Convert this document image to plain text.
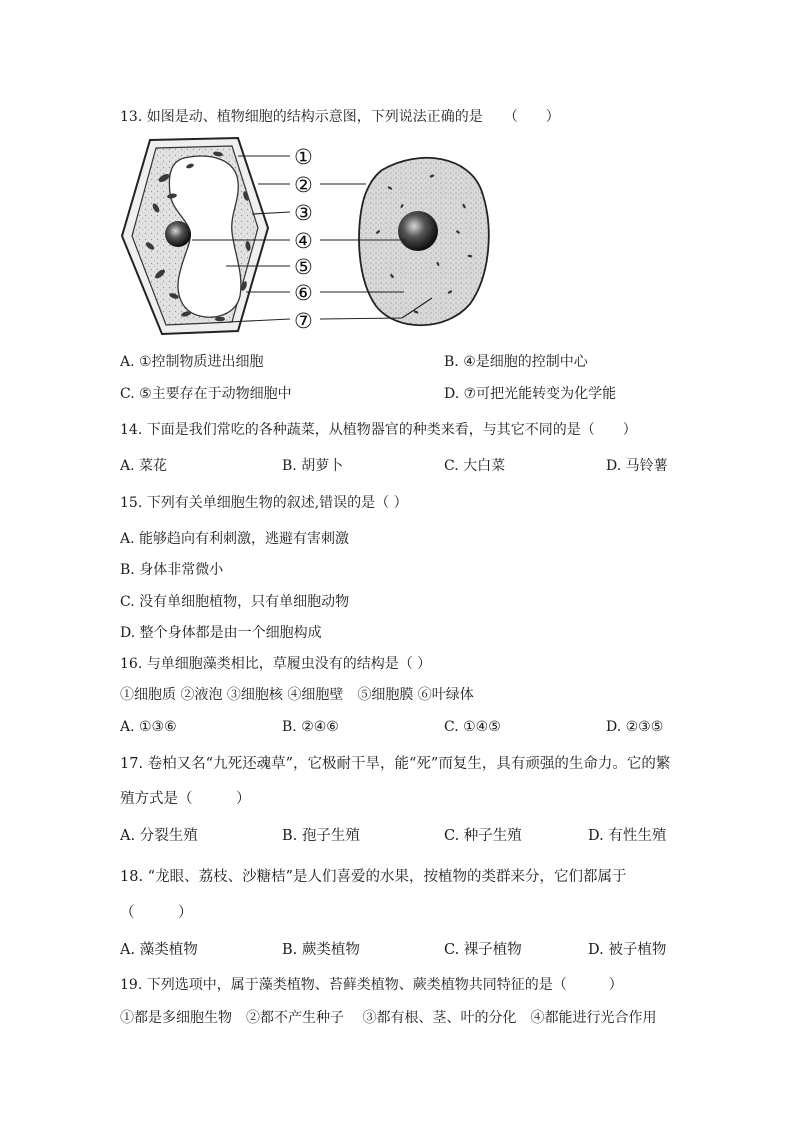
13. 如图是动、植物细胞的结构示意图，下列说法正确的是　　（　　）
①
②
③
④
⑤
⑥
⑦
A. ①控制物质进出细胞	B. ④是细胞的控制中心
C. ⑤主要存在于动物细胞中	D. ⑦可把光能转变为化学能
14. 下面是我们常吃的各种蔬菜，从植物器官的种类来看，与其它不同的是（　　）
A. 菜花	B. 胡萝卜	C. 大白菜	D. 马铃薯
15. 下列有关单细胞生物的叙述,错误的是（ ）
A. 能够趋向有利刺激，逃避有害刺激
B. 身体非常微小
C. 没有单细胞植物，只有单细胞动物
D. 整个身体都是由一个细胞构成
16. 与单细胞藻类相比，草履虫没有的结构是（ ）
①细胞质 ②液泡 ③细胞核 ④细胞壁　⑤细胞膜 ⑥叶绿体
A. ①③⑥	B. ②④⑥	C. ①④⑤	D. ②③⑤
17. 卷柏又名“九死还魂草”，它极耐干旱，能“死”而复生，具有顽强的生命力。它的繁
殖方式是（　　　）
A. 分裂生殖	B. 孢子生殖	C. 种子生殖	D. 有性生殖
18. “龙眼、荔枝、沙糖桔”是人们喜爱的水果，按植物的类群来分，它们都属于
（　　　）
A. 藻类植物	B. 蕨类植物	C. 裸子植物	D. 被子植物
19. 下列选项中，属于藻类植物、苔藓类植物、蕨类植物共同特征的是（　　　）
①都是多细胞生物　②都不产生种子　 ③都有根、茎、叶的分化　④都能进行光合作用
